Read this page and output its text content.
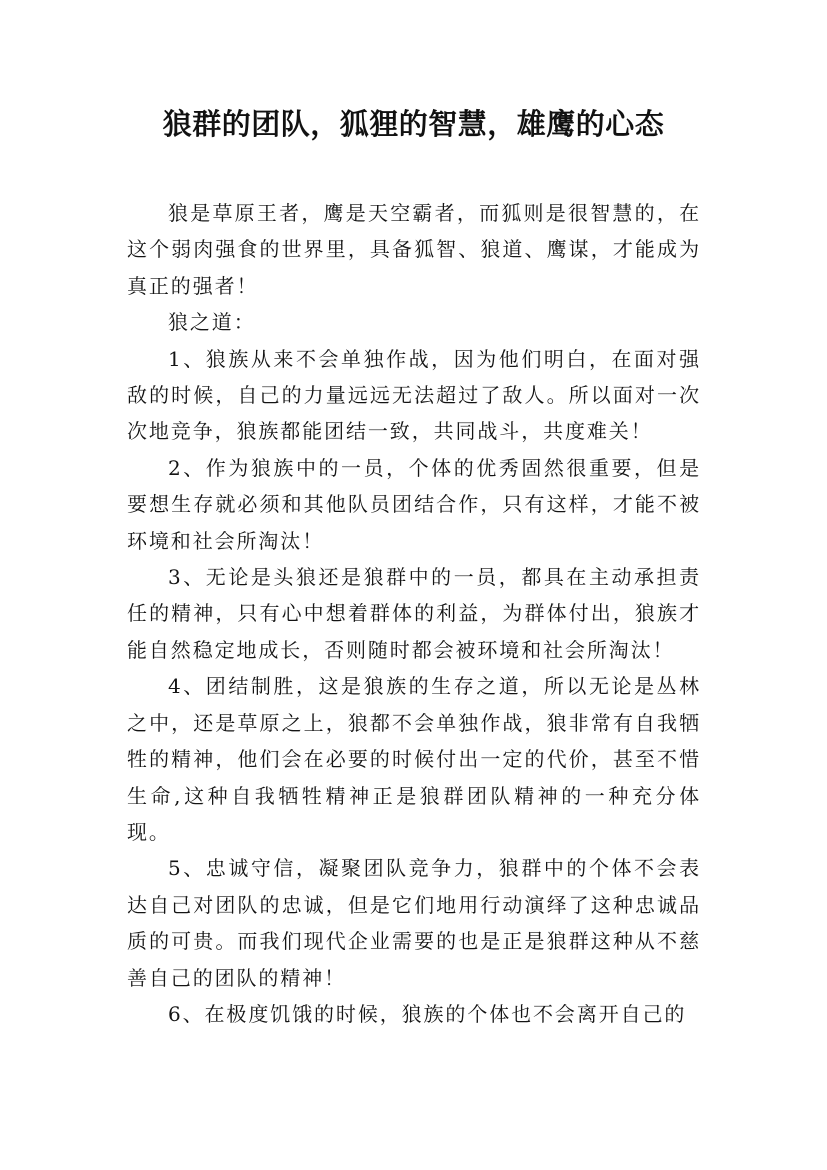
狼群的团队，狐狸的智慧，雄鹰的心态

狼是草原王者，鹰是天空霸者，而狐则是很智慧的，在这个弱肉强食的世界里，具备狐智、狼道、鹰谋，才能成为真正的强者！

狼之道：

1、狼族从来不会单独作战，因为他们明白，在面对强敌的时候，自己的力量远远无法超过了敌人。所以面对一次次地竞争，狼族都能团结一致，共同战斗，共度难关！

2、作为狼族中的一员，个体的优秀固然很重要，但是要想生存就必须和其他队员团结合作，只有这样，才能不被环境和社会所淘汰！

3、无论是头狼还是狼群中的一员，都具在主动承担责任的精神，只有心中想着群体的利益，为群体付出，狼族才能自然稳定地成长，否则随时都会被环境和社会所淘汰！

4、团结制胜，这是狼族的生存之道，所以无论是丛林之中，还是草原之上，狼都不会单独作战，狼非常有自我牺牲的精神，他们会在必要的时候付出一定的代价，甚至不惜生命,这种自我牺牲精神正是狼群团队精神的一种充分体现。

5、忠诚守信，凝聚团队竞争力，狼群中的个体不会表达自己对团队的忠诚，但是它们地用行动演绎了这种忠诚品质的可贵。而我们现代企业需要的也是正是狼群这种从不慈善自己的团队的精神！

6、在极度饥饿的时候，狼族的个体也不会离开自己的
